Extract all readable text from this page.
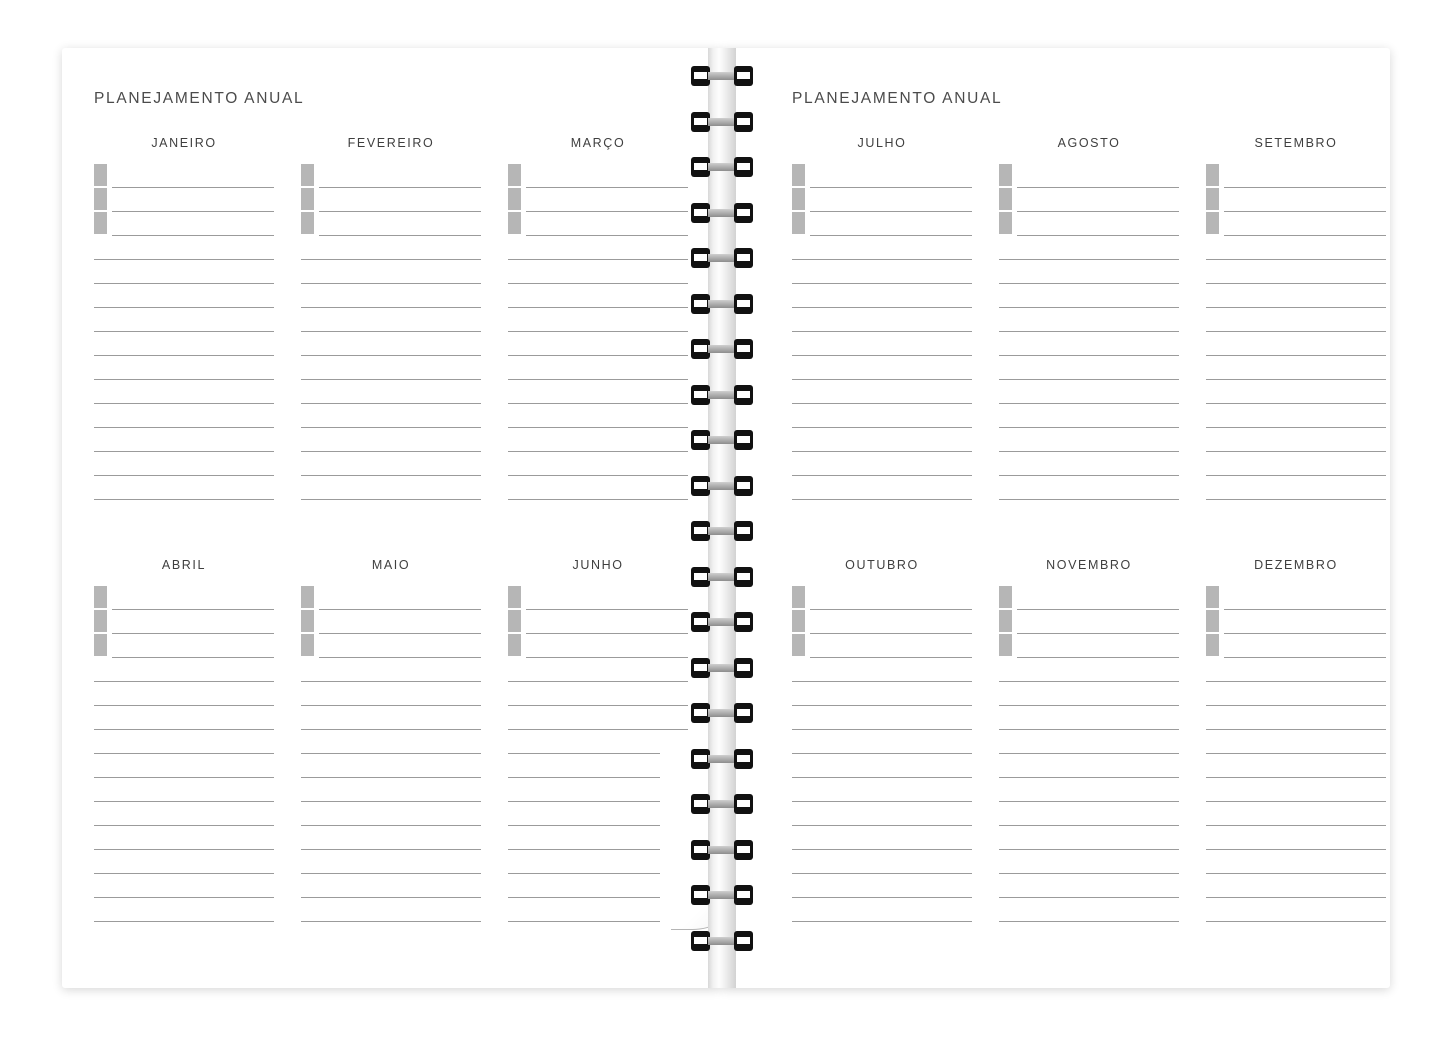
PLANEJAMENTO ANUAL
JANEIRO	FEVEREIRO	MARÇO
ABRIL	MAIO	JUNHO
PLANEJAMENTO ANUAL
JULHO	AGOSTO	SETEMBRO
OUTUBRO	NOVEMBRO	DEZEMBRO
